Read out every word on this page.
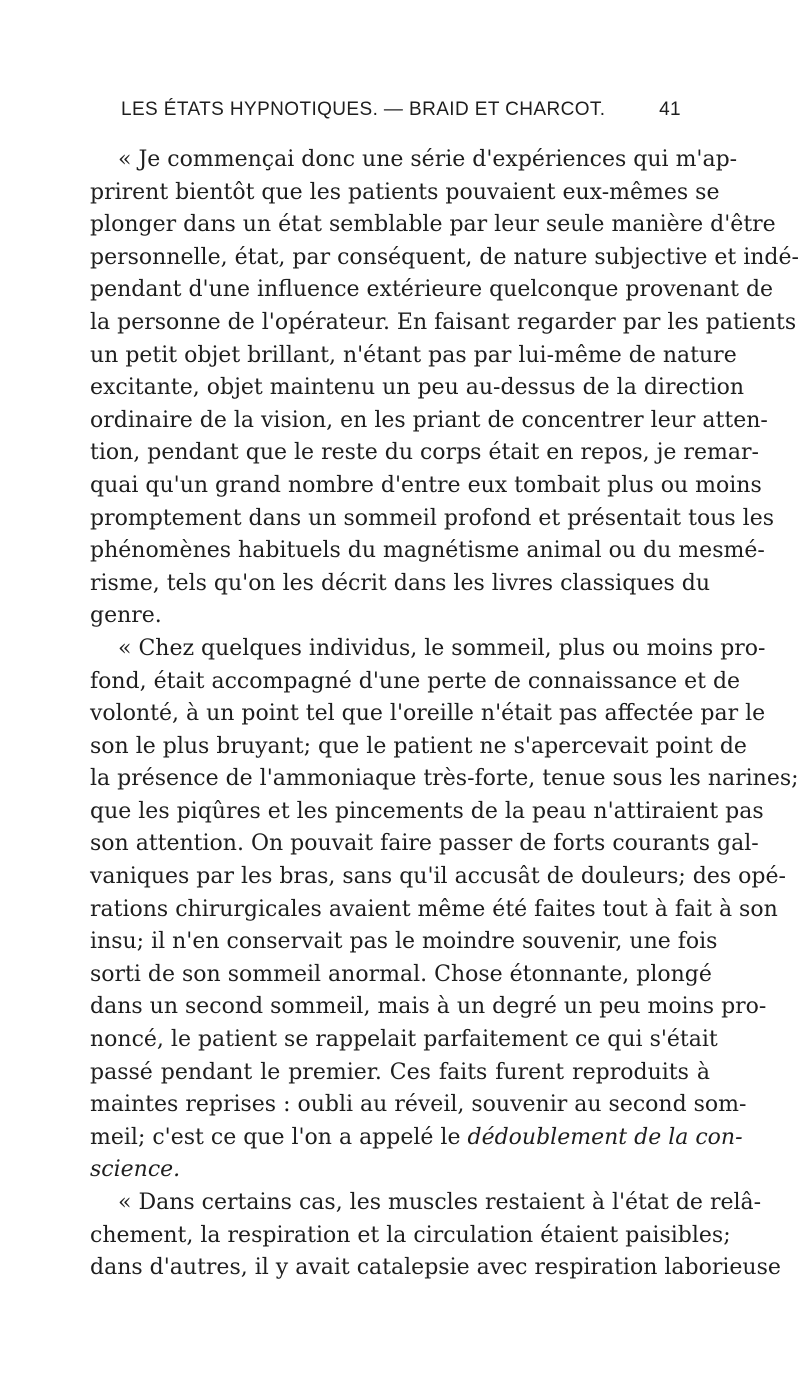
LES ÉTATS HYPNOTIQUES. — BRAID ET CHARCOT.	41
« Je commençai donc une série d'expériences qui m'ap-
prirent bientôt que les patients pouvaient eux-mêmes se
plonger dans un état semblable par leur seule manière d'être
personnelle, état, par conséquent, de nature subjective et indé-
pendant d'une influence extérieure quelconque provenant de
la personne de l'opérateur. En faisant regarder par les patients
un petit objet brillant, n'étant pas par lui-même de nature
excitante, objet maintenu un peu au-dessus de la direction
ordinaire de la vision, en les priant de concentrer leur atten-
tion, pendant que le reste du corps était en repos, je remar-
quai qu'un grand nombre d'entre eux tombait plus ou moins
promptement dans un sommeil profond et présentait tous les
phénomènes habituels du magnétisme animal ou du mesmé-
risme, tels qu'on les décrit dans les livres classiques du
genre.
« Chez quelques individus, le sommeil, plus ou moins pro-
fond, était accompagné d'une perte de connaissance et de
volonté, à un point tel que l'oreille n'était pas affectée par le
son le plus bruyant; que le patient ne s'apercevait point de
la présence de l'ammoniaque très-forte, tenue sous les narines;
que les piqûres et les pincements de la peau n'attiraient pas
son attention. On pouvait faire passer de forts courants gal-
vaniques par les bras, sans qu'il accusât de douleurs; des opé-
rations chirurgicales avaient même été faites tout à fait à son
insu; il n'en conservait pas le moindre souvenir, une fois
sorti de son sommeil anormal. Chose étonnante, plongé
dans un second sommeil, mais à un degré un peu moins pro-
noncé, le patient se rappelait parfaitement ce qui s'était
passé pendant le premier. Ces faits furent reproduits à
maintes reprises : oubli au réveil, souvenir au second som-
meil; c'est ce que l'on a appelé le dédoublement de la con-
science.
« Dans certains cas, les muscles restaient à l'état de relâ-
chement, la respiration et la circulation étaient paisibles;
dans d'autres, il y avait catalepsie avec respiration laborieuse
